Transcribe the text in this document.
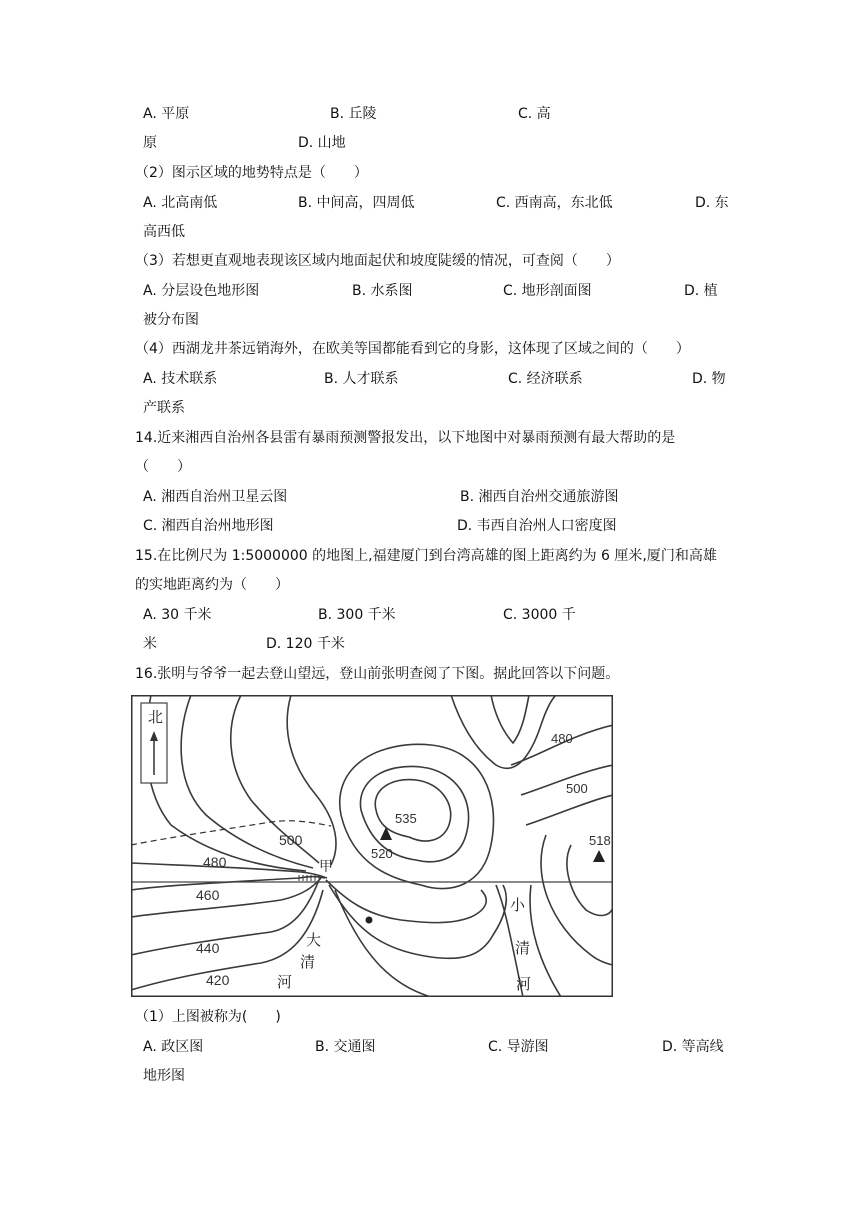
A. 平原	B. 丘陵	C. 高
原	D. 山地
（2）图示区域的地势特点是（　　）
A. 北高南低	B. 中间高，四周低	C. 西南高，东北低	D. 东
高西低
（3）若想更直观地表现该区域内地面起伏和坡度陡缓的情况，可查阅（　　）
A. 分层设色地形图	B. 水系图	C. 地形剖面图	D. 植
被分布图
（4）西湖龙井茶远销海外，在欧美等国都能看到它的身影，这体现了区域之间的（　　）
A. 技术联系	B. 人才联系	C. 经济联系	D. 物
产联系
14.近来湘西自治州各县雷有暴雨预测警报发出，以下地图中对暴雨预测有最大帮助的是
（　　）
A. 湘西自治州卫星云图	B. 湘西自治州交通旅游图
C. 湘西自治州地形图	D. 韦西自治州人口密度图
15.在比例尺为 1:5000000 的地图上,福建厦门到台湾高雄的图上距离约为 6 厘米,厦门和高雄
的实地距离约为（　　）
A. 30 千米	B. 300 千米	C. 3000 千
米	D. 120 千米
16.张明与爷爷一起去登山望远，登山前张明查阅了下图。据此回答以下问题。
北
535
518
甲
460
480
440
420
500
520
480
500
大
清
河
小
清
河
（1）上图被称为(　　)
A. 政区图	B. 交通图	C. 导游图	D. 等高线
地形图
